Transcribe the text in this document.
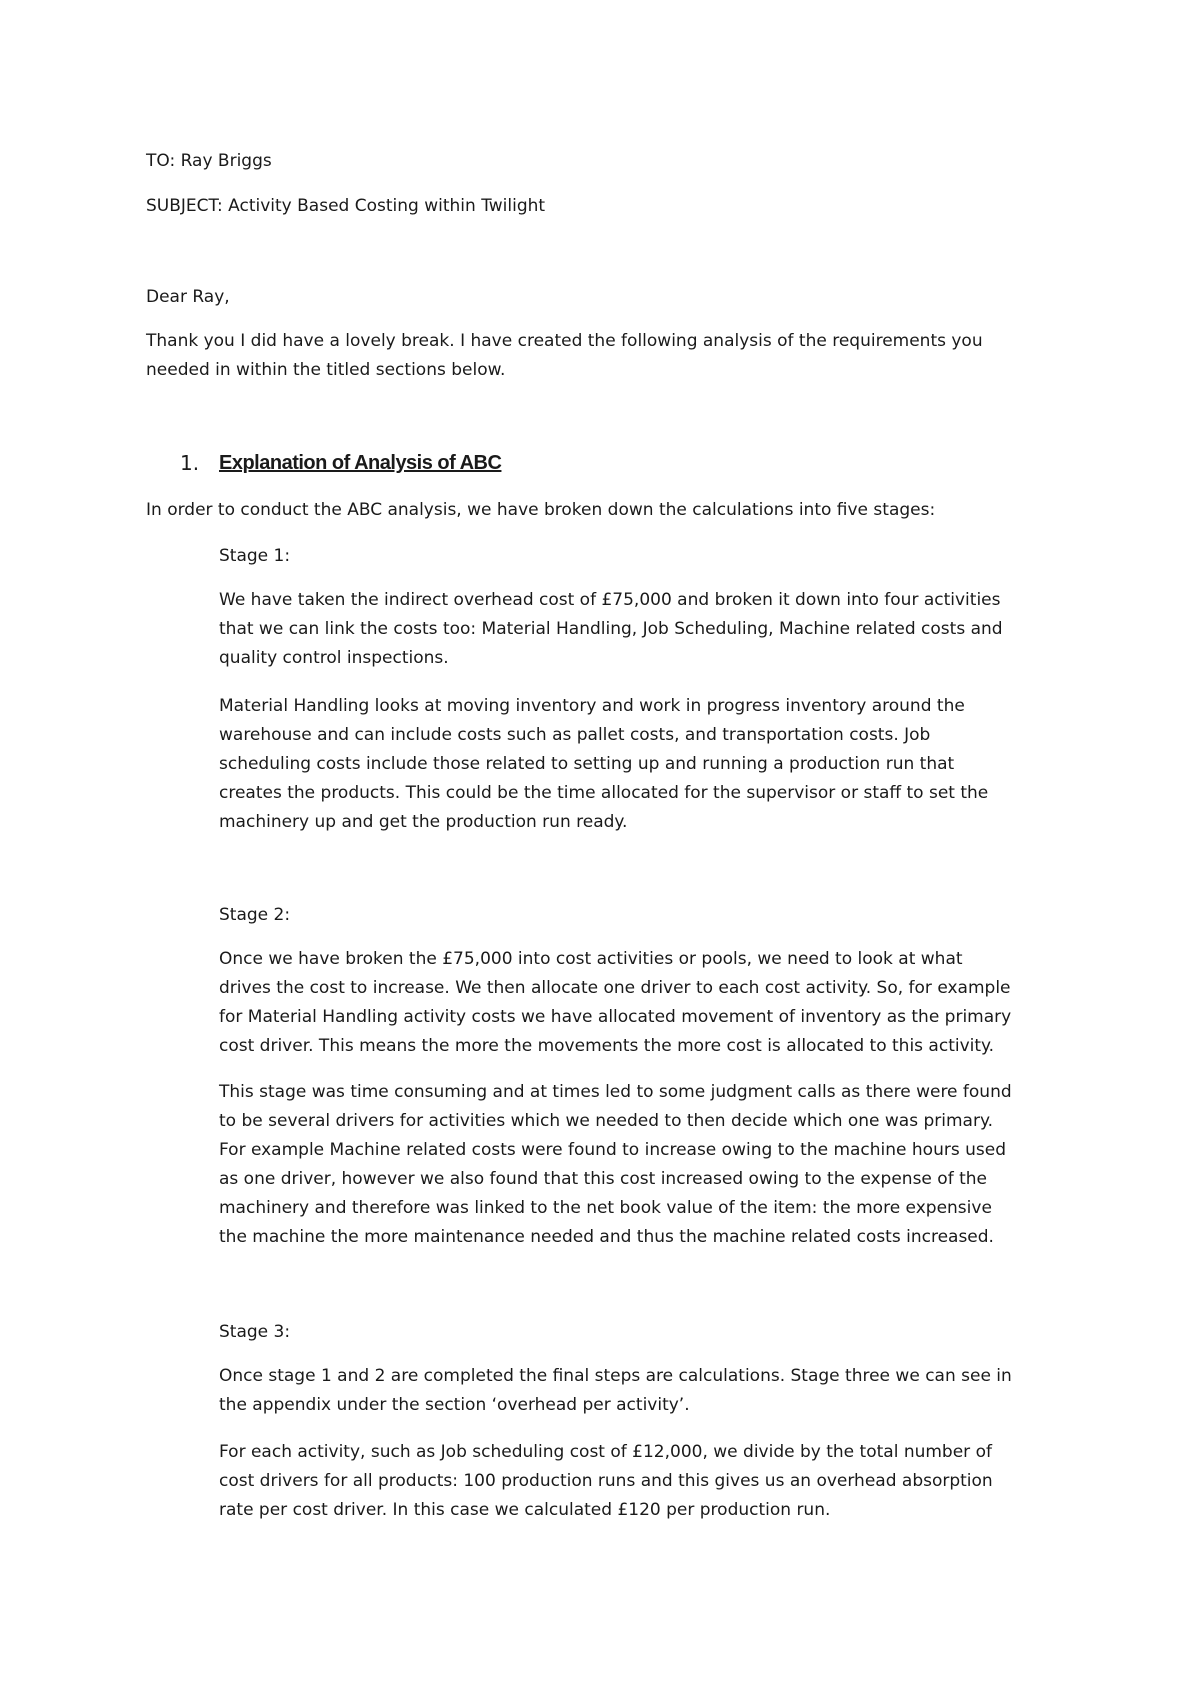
TO: Ray Briggs
SUBJECT: Activity Based Costing within Twilight
Dear Ray,
Thank you I did have a lovely break. I have created the following analysis of the requirements you
needed in within the titled sections below.
1. Explanation of Analysis of ABC
In order to conduct the ABC analysis, we have broken down the calculations into five stages:
Stage 1:
We have taken the indirect overhead cost of £75,000 and broken it down into four activities
that we can link the costs too: Material Handling, Job Scheduling, Machine related costs and
quality control inspections.
Material Handling looks at moving inventory and work in progress inventory around the
warehouse and can include costs such as pallet costs, and transportation costs. Job
scheduling costs include those related to setting up and running a production run that
creates the products. This could be the time allocated for the supervisor or staff to set the
machinery up and get the production run ready.
Stage 2:
Once we have broken the £75,000 into cost activities or pools, we need to look at what
drives the cost to increase. We then allocate one driver to each cost activity. So, for example
for Material Handling activity costs we have allocated movement of inventory as the primary
cost driver. This means the more the movements the more cost is allocated to this activity.
This stage was time consuming and at times led to some judgment calls as there were found
to be several drivers for activities which we needed to then decide which one was primary.
For example Machine related costs were found to increase owing to the machine hours used
as one driver, however we also found that this cost increased owing to the expense of the
machinery and therefore was linked to the net book value of the item: the more expensive
the machine the more maintenance needed and thus the machine related costs increased.
Stage 3:
Once stage 1 and 2 are completed the final steps are calculations. Stage three we can see in
the appendix under the section ‘overhead per activity’.
For each activity, such as Job scheduling cost of £12,000, we divide by the total number of
cost drivers for all products: 100 production runs and this gives us an overhead absorption
rate per cost driver. In this case we calculated £120 per production run.
